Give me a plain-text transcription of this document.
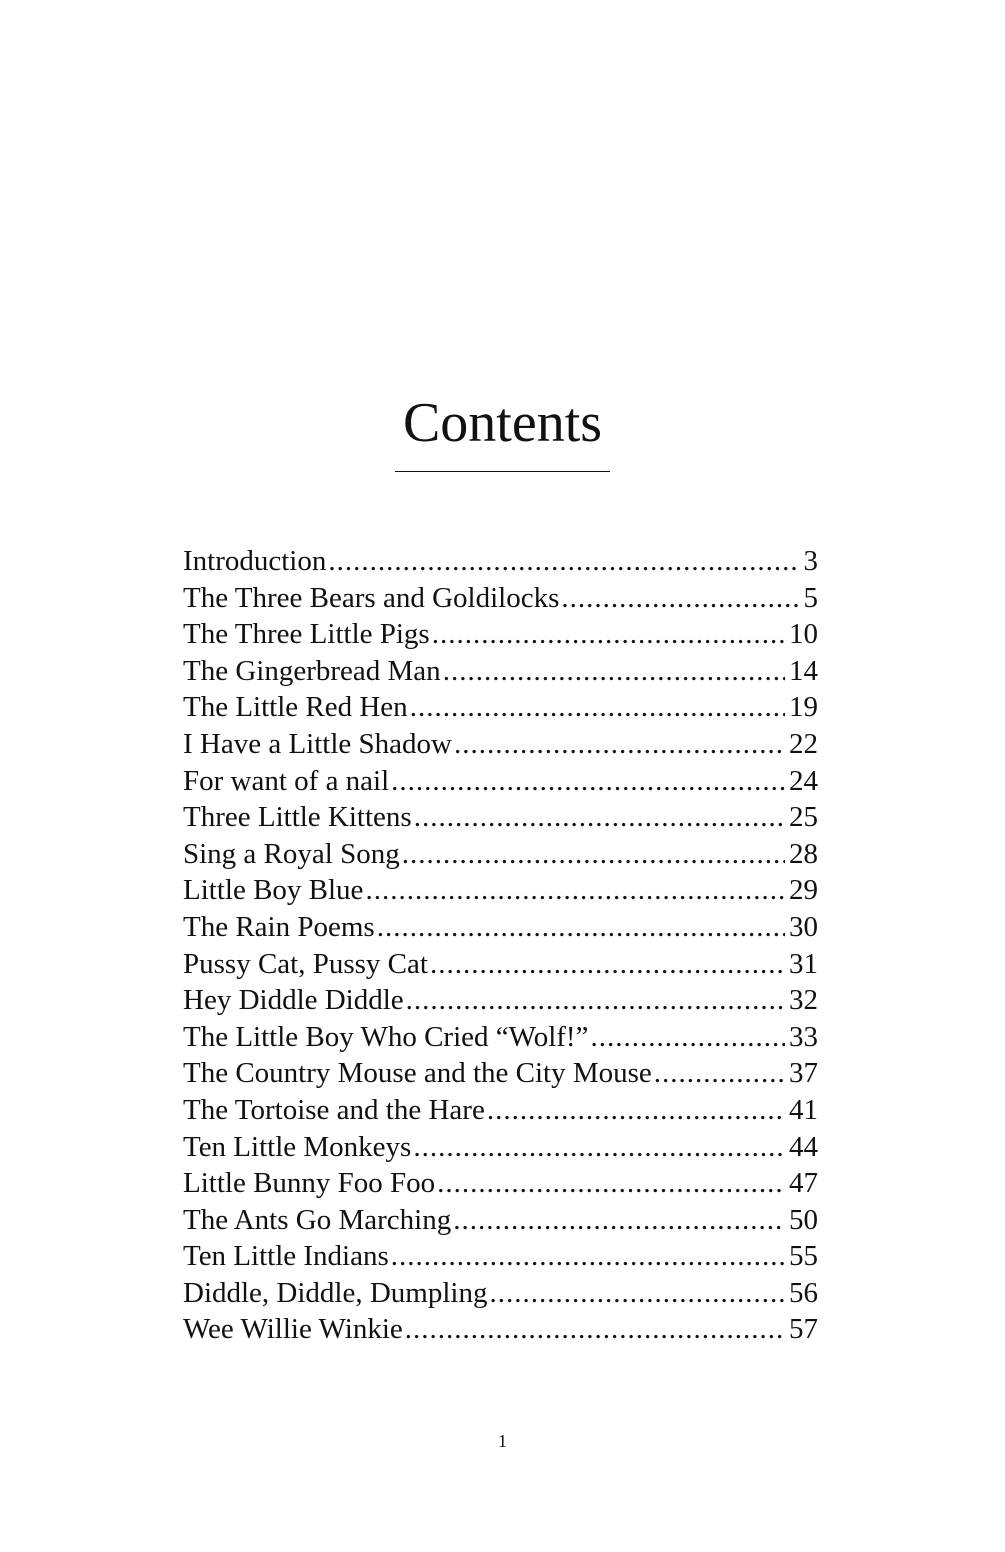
Contents
Introduction .....	3
The Three Bears and Goldilocks .....	5
The Three Little Pigs .....	10
The Gingerbread Man .....	14
The Little Red Hen .....	19
I Have a Little Shadow .....	22
For want of a nail .....	24
Three Little Kittens .....	25
Sing a Royal Song .....	28
Little Boy Blue .....	29
The Rain Poems .....	30
Pussy Cat, Pussy Cat .....	31
Hey Diddle Diddle .....	32
The Little Boy Who Cried “Wolf!” .....	33
The Country Mouse and the City Mouse .....	37
The Tortoise and the Hare .....	41
Ten Little Monkeys .....	44
Little Bunny Foo Foo .....	47
The Ants Go Marching .....	50
Ten Little Indians .....	55
Diddle, Diddle, Dumpling .....	56
Wee Willie Winkie .....	57
1
